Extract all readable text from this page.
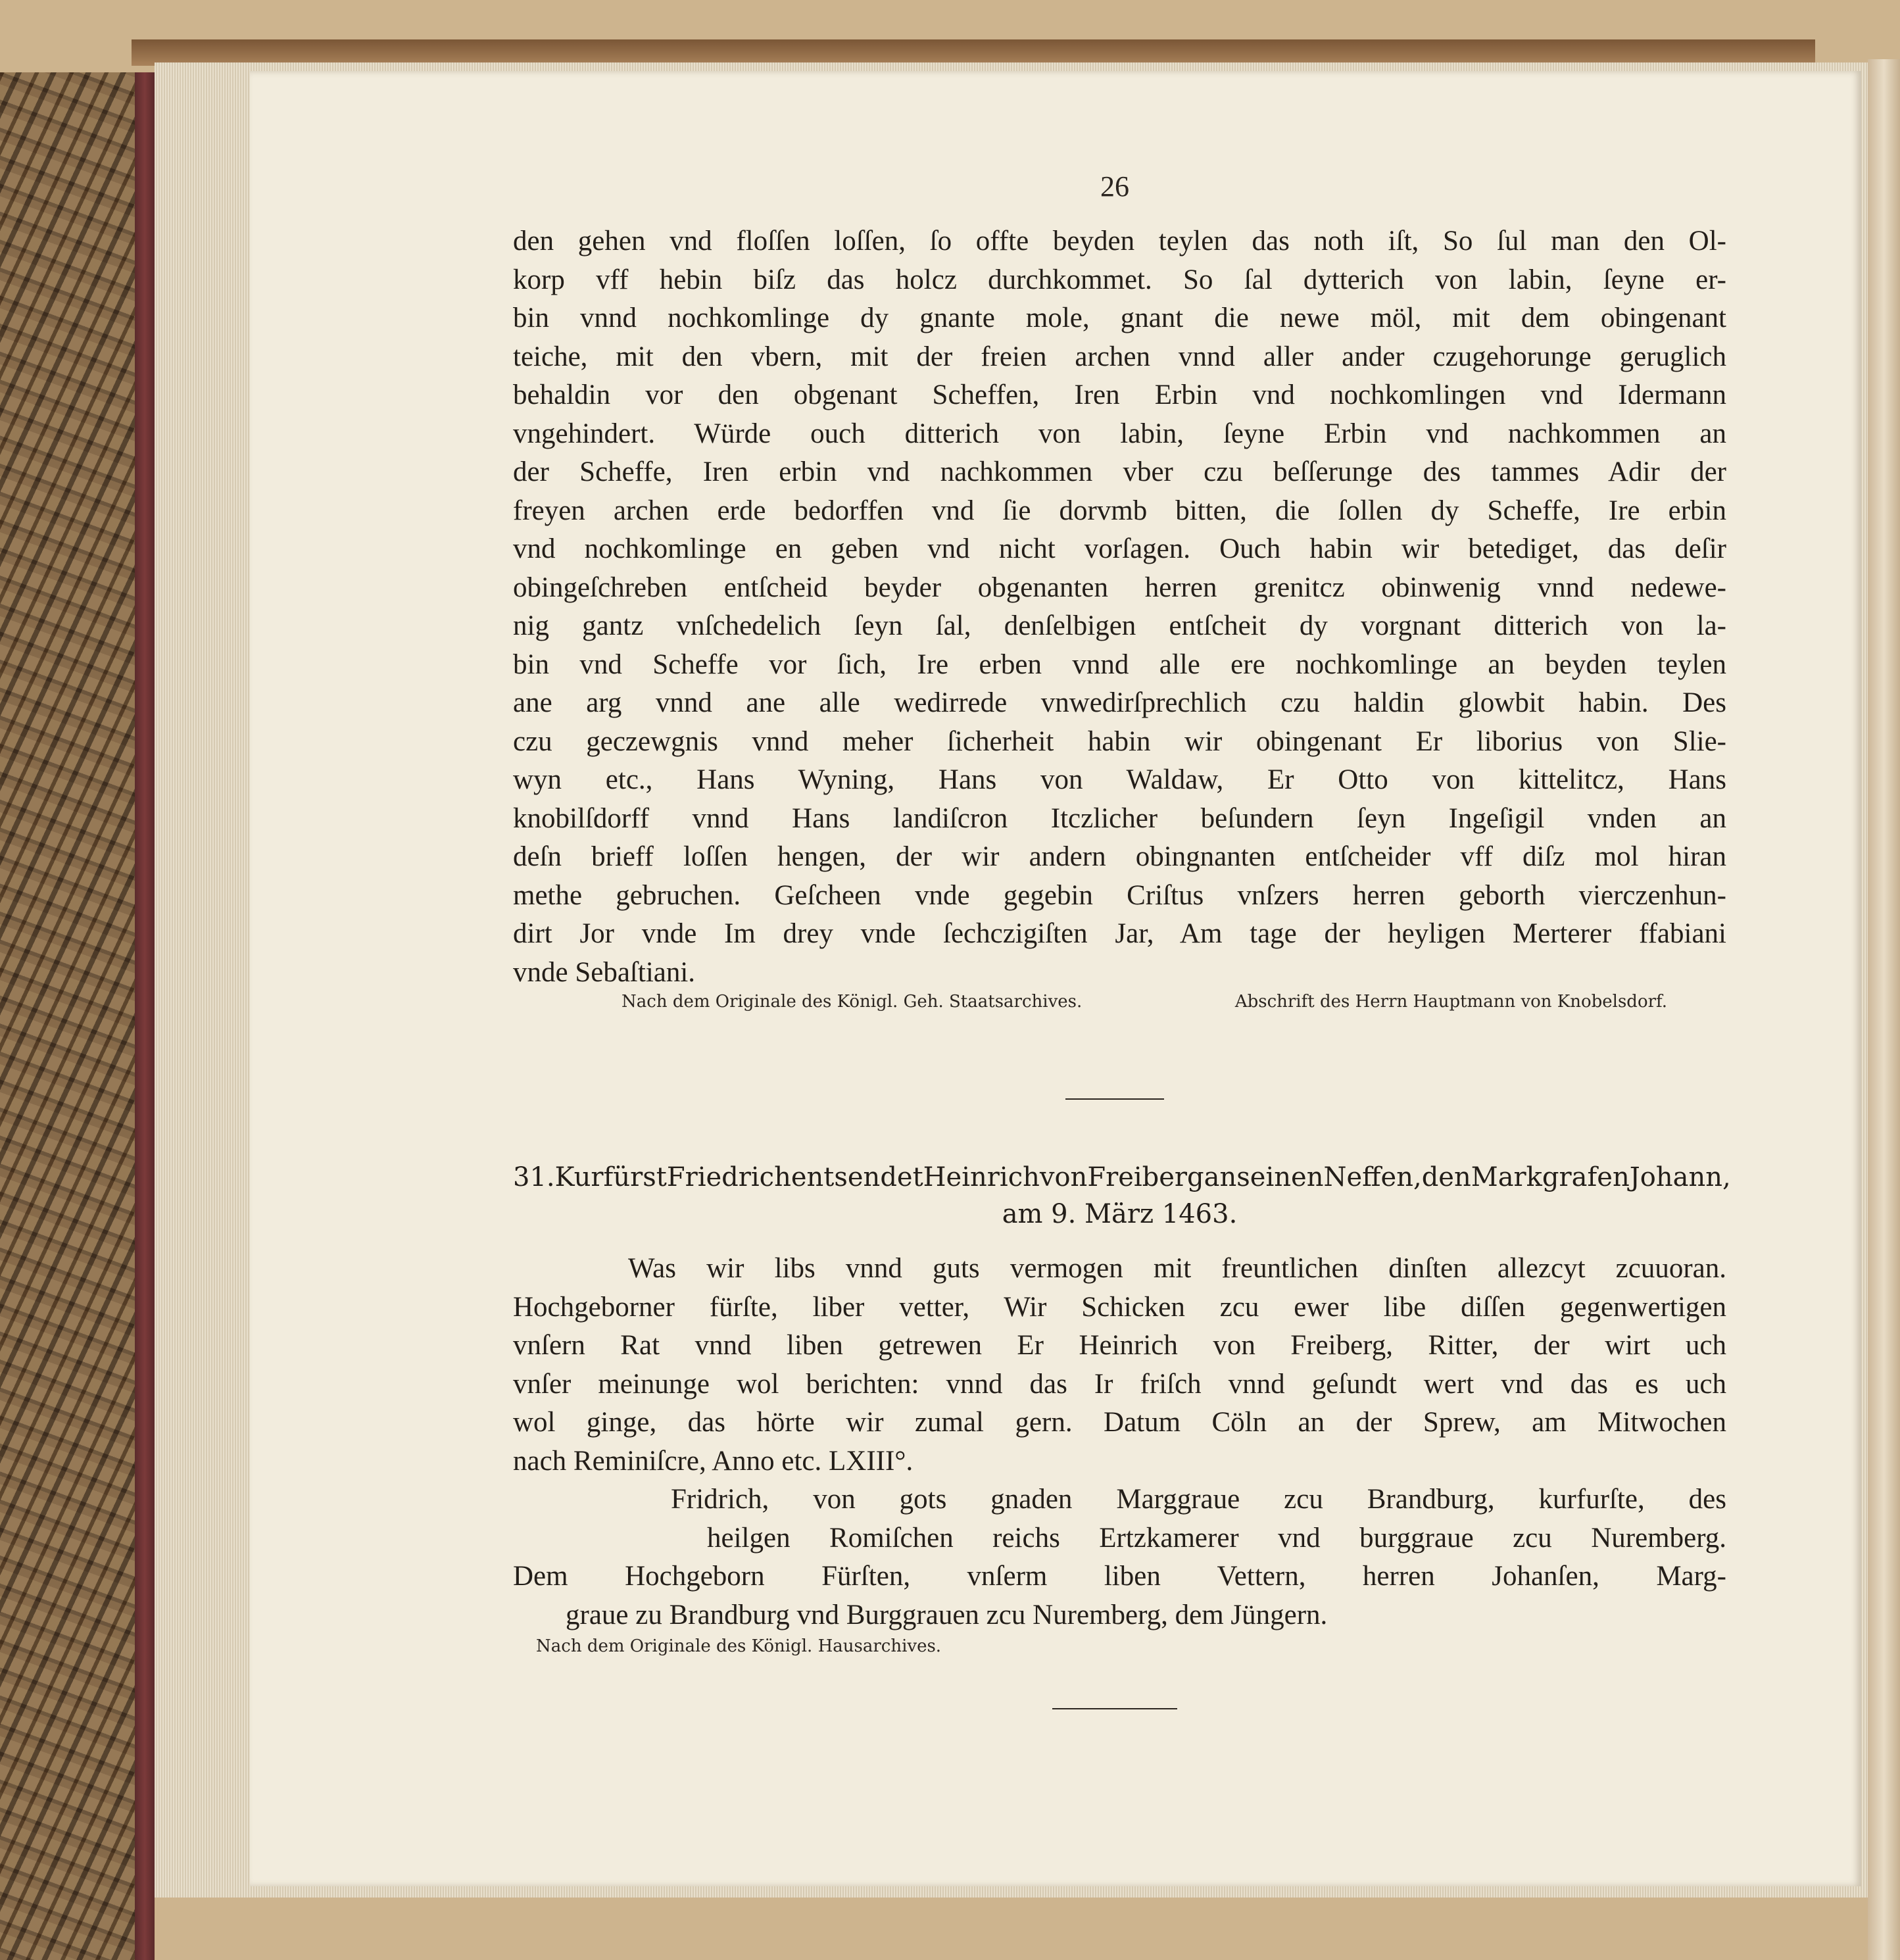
26
den gehen vnd floſſen loſſen, ſo offte beyden teylen das noth iſt, So ſul man den Ol-
korp vff hebin biſz das holcz durchkommet. So ſal dytterich von labin, ſeyne er-
bin vnnd nochkomlinge dy gnante mole, gnant die newe möl, mit dem obingenant
teiche, mit den vbern, mit der freien archen vnnd aller ander czugehorunge geruglich
behaldin vor den obgenant Scheffen, Iren Erbin vnd nochkomlingen vnd Idermann
vngehindert. Würde ouch ditterich von labin, ſeyne Erbin vnd nachkommen an
der Scheffe, Iren erbin vnd nachkommen vber czu beſſerunge des tammes Adir der
freyen archen erde bedorffen vnd ſie dorvmb bitten, die ſollen dy Scheffe, Ire erbin
vnd nochkomlinge en geben vnd nicht vorſagen. Ouch habin wir betediget, das deſir
obingeſchreben entſcheid beyder obgenanten herren grenitcz obinwenig vnnd nedewe-
nig gantz vnſchedelich ſeyn ſal, denſelbigen entſcheit dy vorgnant ditterich von la-
bin vnd Scheffe vor ſich, Ire erben vnnd alle ere nochkomlinge an beyden teylen
ane arg vnnd ane alle wedirrede vnwedirſprechlich czu haldin glowbit habin. Des
czu geczewgnis vnnd meher ſicherheit habin wir obingenant Er liborius von Slie-
wyn etc., Hans Wyning, Hans von Waldaw, Er Otto von kittelitcz, Hans
knobilſdorff vnnd Hans landiſcron Itczlicher beſundern ſeyn Ingeſigil vnden an
deſn brieff loſſen hengen, der wir andern obingnanten entſcheider vff diſz mol hiran
methe gebruchen. Geſcheen vnde gegebin Criſtus vnſzers herren geborth vierczenhun-
dirt Jor vnde Im drey vnde ſechczigiſten Jar, Am tage der heyligen Merterer ffabiani
vnde Sebaſtiani.
Nach dem Originale des Königl. Geh. Staatsarchives.	Abschrift des Herrn Hauptmann von Knobelsdorf.
31. Kurfürst Friedrich entsendet Heinrich von Freiberg an seinen Neffen, den Markgrafen Johann,
am 9. März 1463.
Was wir libs vnnd guts vermogen mit freuntlichen dinſten allezcyt zcuuoran.
Hochgeborner fürſte, liber vetter, Wir Schicken zcu ewer libe diſſen gegenwertigen
vnſern Rat vnnd liben getrewen Er Heinrich von Freiberg, Ritter, der wirt uch
vnſer meinunge wol berichten: vnnd das Ir friſch vnnd geſundt wert vnd das es uch
wol ginge, das hörte wir zumal gern. Datum Cöln an der Sprew, am Mitwochen
nach Reminiſcre, Anno etc. LXIII°.
Fridrich, von gots gnaden Marggraue zcu Brandburg, kurfurſte, des
heilgen Romiſchen reichs Ertzkamerer vnd burggraue zcu Nuremberg.
Dem Hochgeborn Fürſten, vnſerm liben Vettern, herren Johanſen, Marg-
graue zu Brandburg vnd Burggrauen zcu Nuremberg, dem Jüngern.
Nach dem Originale des Königl. Hausarchives.
